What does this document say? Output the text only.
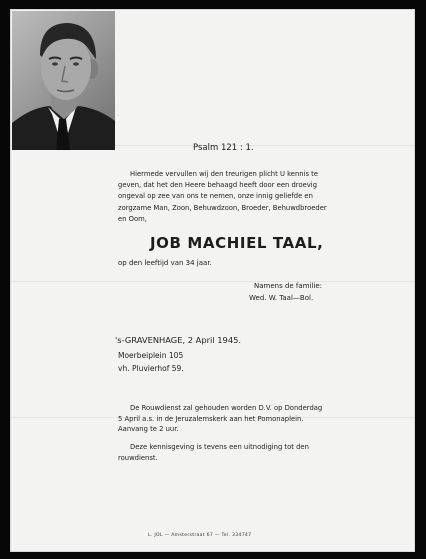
Psalm 121 : 1.
Hiermede vervullen wij den treurigen plicht U kennis te
geven, dat het den Heere behaagd heeft door een droevig
ongeval op zee van ons te nemen, onze innig geliefde en
zorgzame Man, Zoon, Behuwdzoon, Broeder, Behuwdbroeder
en Oom,
JOB MACHIEL TAAL,
op den leeftijd van 34 jaar.
Namens de familie:
Wed. W. Taal—Bol.
's-GRAVENHAGE, 2 April 1945.
Moerbeiplein 105
vh. Pluvierhof 59.
De Rouwdienst zal gehouden worden D.V. op Donderdag
5 April a.s. in de Jeruzalemskerk aan het Pomonaplein.
Aanvang te 2 uur.
Deze kennisgeving is tevens een uitnodiging tot den
rouwdienst.
L. JOL — Amsterstraat 67 — Tel. 334747
